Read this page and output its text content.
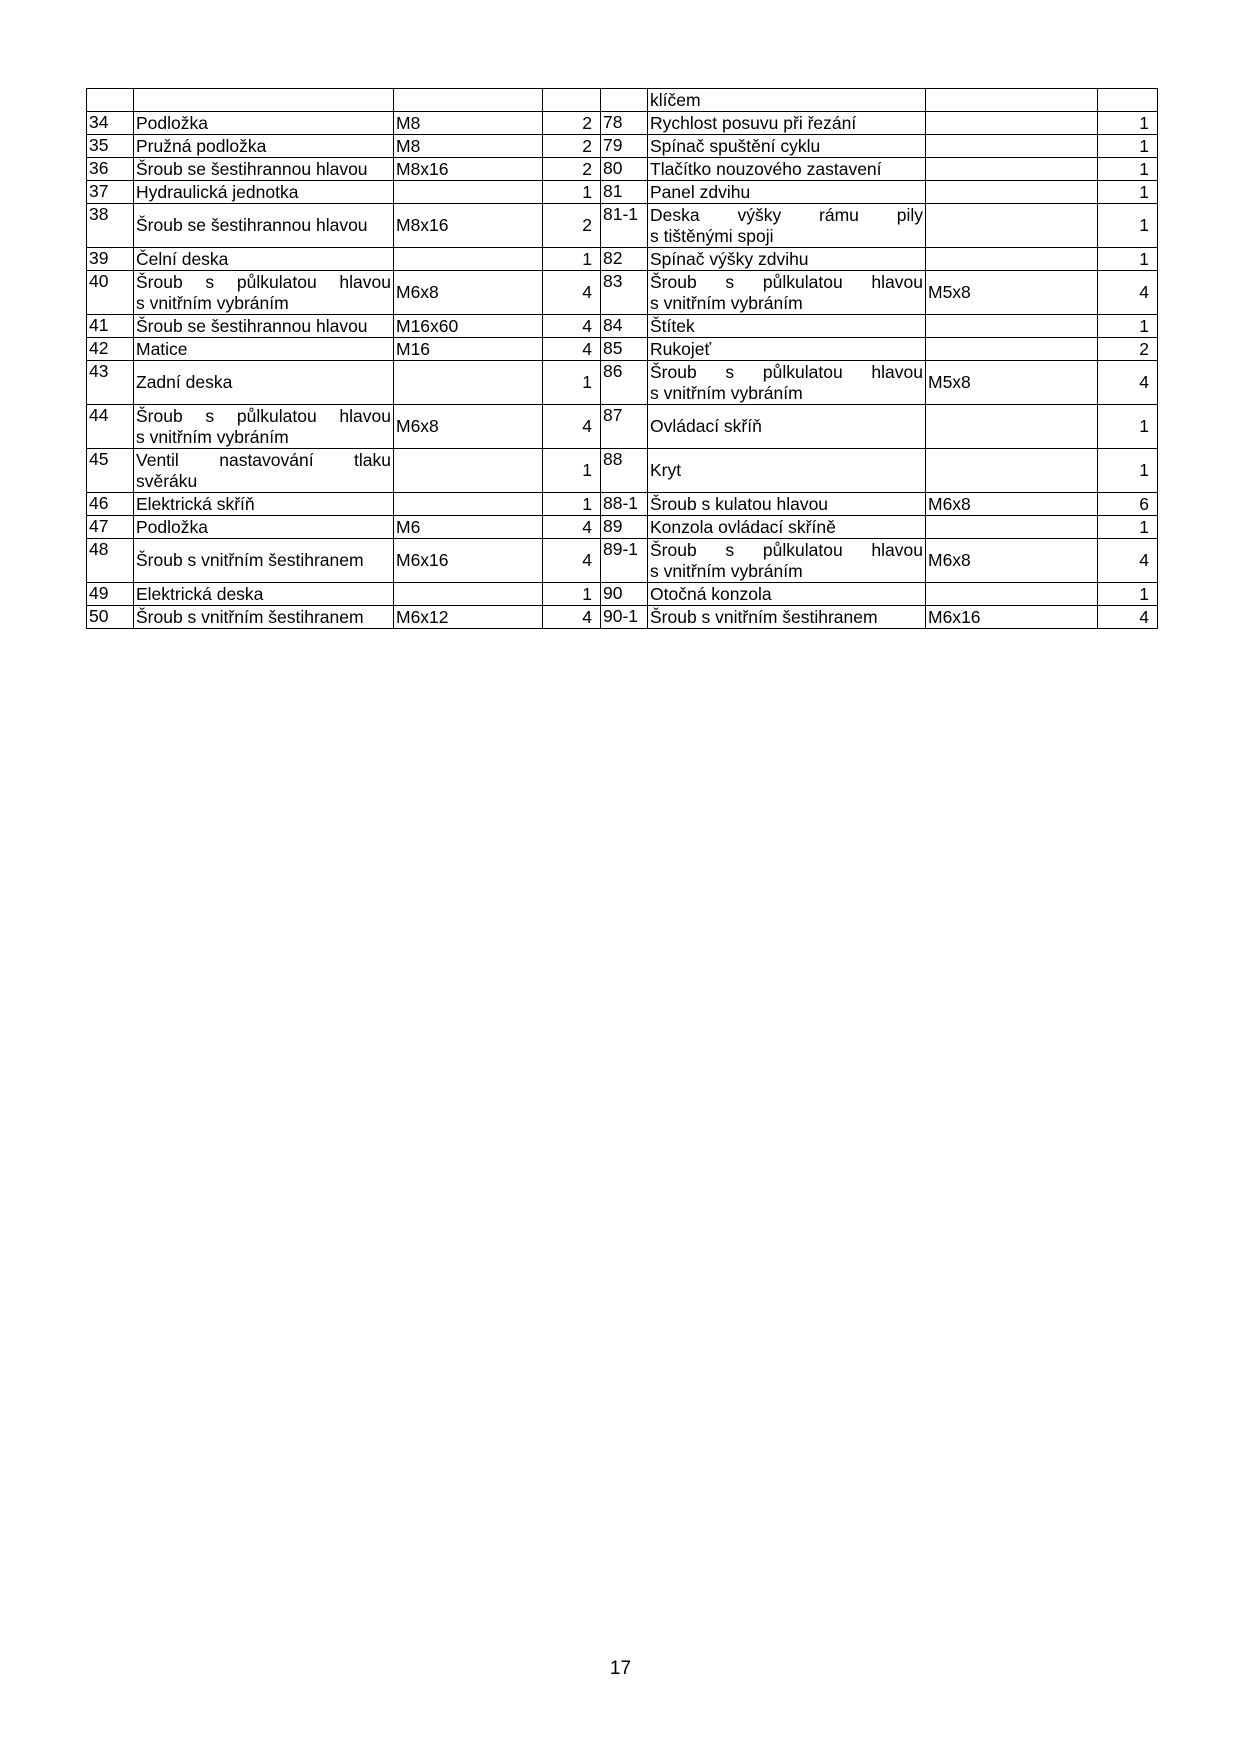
					klíčem		

34	Podložka	M8	2	78	Rychlost posuvu při řezání		1
35	Pružná podložka	M8	2	79	Spínač spuštění cyklu		1
36	Šroub se šestihrannou hlavou	M8x16	2	80	Tlačítko nouzového zastavení		1
37	Hydraulická jednotka		1	81	Panel zdvihu		1
38	Šroub se šestihrannou hlavou	M8x16	2	81-1	Deska výšky rámu pily
s tištěnými spoji		1
39	Čelní deska		1	82	Spínač výšky zdvihu		1
40	Šroub s půlkulatou hlavou
s vnitřním vybráním	M6x8	4	83	Šroub s půlkulatou hlavou
s vnitřním vybráním	M5x8	4
41	Šroub se šestihrannou hlavou	M16x60	4	84	Štítek		1
42	Matice	M16	4	85	Rukojeť		2
43	Zadní deska		1	86	Šroub s půlkulatou hlavou
s vnitřním vybráním	M5x8	4
44	Šroub s půlkulatou hlavou
s vnitřním vybráním	M6x8	4	87	Ovládací skříň		1
45	Ventil nastavování tlaku
svěráku		1	88	Kryt		1
46	Elektrická skříň		1	88-1	Šroub s kulatou hlavou	M6x8	6
47	Podložka	M6	4	89	Konzola ovládací skříně		1
48	Šroub s vnitřním šestihranem	M6x16	4	89-1	Šroub s půlkulatou hlavou
s vnitřním vybráním	M6x8	4
49	Elektrická deska		1	90	Otočná konzola		1
50	Šroub s vnitřním šestihranem	M6x12	4	90-1	Šroub s vnitřním šestihranem	M6x16	4
17
